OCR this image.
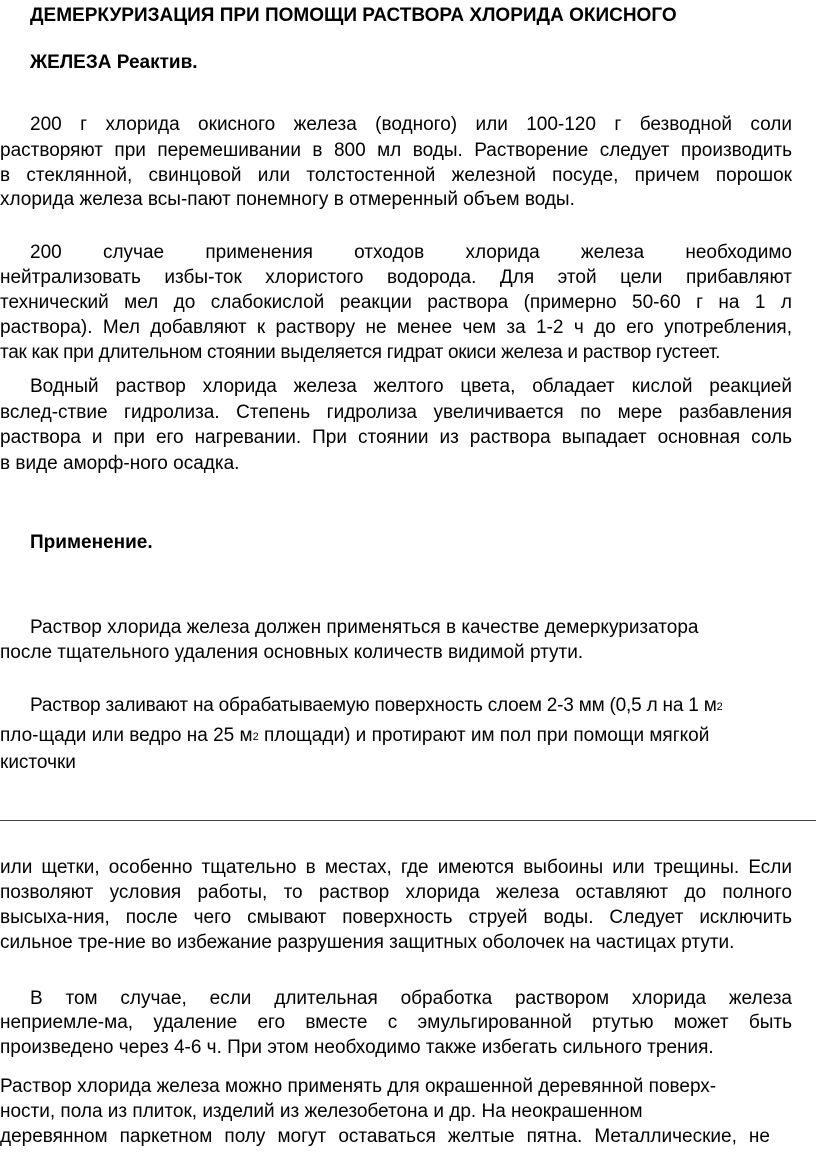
ДЕМЕРКУРИЗАЦИЯ ПРИ ПОМОЩИ РАСТВОРА ХЛОРИДА ОКИСНОГО
ЖЕЛЕЗА Реактив.
200 г хлорида окисного железа (водного) или 100-120 г безводной соли
растворяют при перемешивании в 800 мл воды. Растворение следует производить
в стеклянной, свинцовой или толстостенной железной посуде, причем порошок
хлорида железа всы-пают понемногу в отмеренный объем воды.
200 случае применения отходов хлорида железа необходимо
нейтрализовать избы-ток хлористого водорода. Для этой цели прибавляют
технический мел до слабокислой реакции раствора (примерно 50-60 г на 1 л
раствора). Мел добавляют к раствору не менее чем за 1-2 ч до его употребления,
так как при длительном стоянии выделяется гидрат окиси железа и раствор густеет.
Водный раствор хлорида железа желтого цвета, обладает кислой реакцией
вслед-ствие гидролиза. Степень гидролиза увеличивается по мере разбавления
раствора и при его нагревании. При стоянии из раствора выпадает основная соль
в виде аморф-ного осадка.
Применение.
Раствор хлорида железа должен применяться в качестве демеркуризатора
после тщательного удаления основных количеств видимой ртути.
Раствор заливают на обрабатываемую поверхность слоем 2-3 мм (0,5 л на 1 м2
пло-щади или ведро на 25 м2 площади) и протирают им пол при помощи мягкой
кисточки
или щетки, особенно тщательно в местах, где имеются выбоины или трещины. Если
позволяют условия работы, то раствор хлорида железа оставляют до полного
высыха-ния, после чего смывают поверхность струей воды. Следует исключить
сильное тре-ние во избежание разрушения защитных оболочек на частицах ртути.
В том случае, если длительная обработка раствором хлорида железа
неприемле-ма, удаление его вместе с эмульгированной ртутью может быть
произведено через 4-6 ч. При этом необходимо также избегать сильного трения.
Раствор хлорида железа можно применять для окрашенной деревянной поверх-
ности, пола из плиток, изделий из железобетона и др. На неокрашенном
деревянном паркетном полу могут оставаться желтые пятна. Металлические, не
